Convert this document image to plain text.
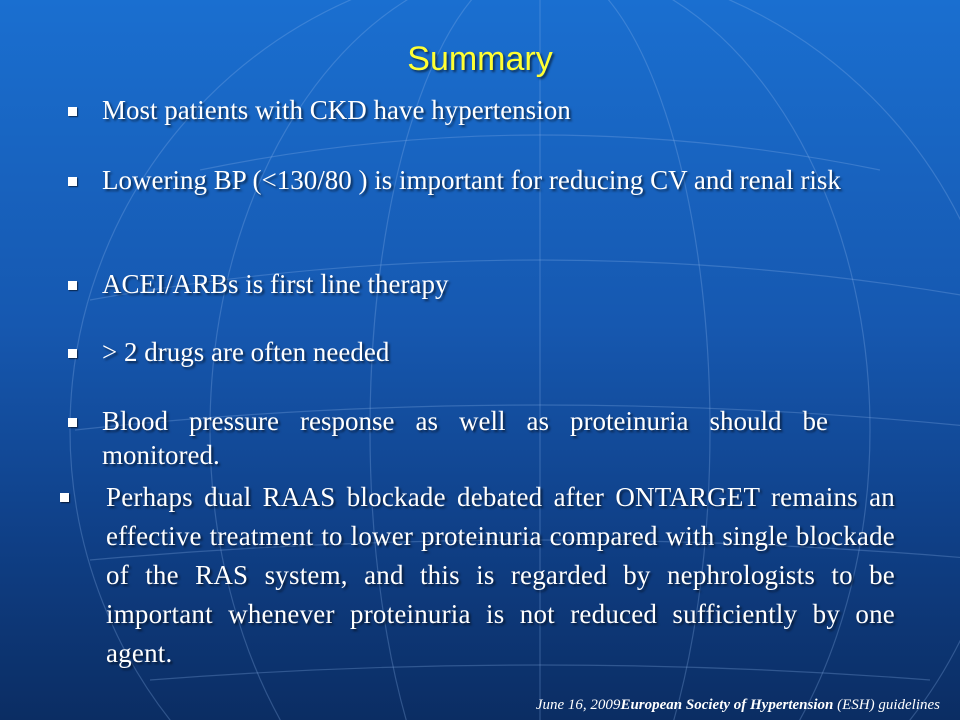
Summary
Most patients with CKD have hypertension
Lowering BP (<130/80 ) is important for reducing CV and renal risk
ACEI/ARBs is first line therapy
> 2 drugs are often needed
Blood pressure response as well as proteinuria should be monitored.
Perhaps dual RAAS blockade debated after ONTARGET remains an effective treatment to lower proteinuria compared with single blockade of the RAS system, and this is regarded by nephrologists to be important whenever proteinuria is not reduced sufficiently by one agent.
June 16, 2009European Society of Hypertension (ESH) guidelines
